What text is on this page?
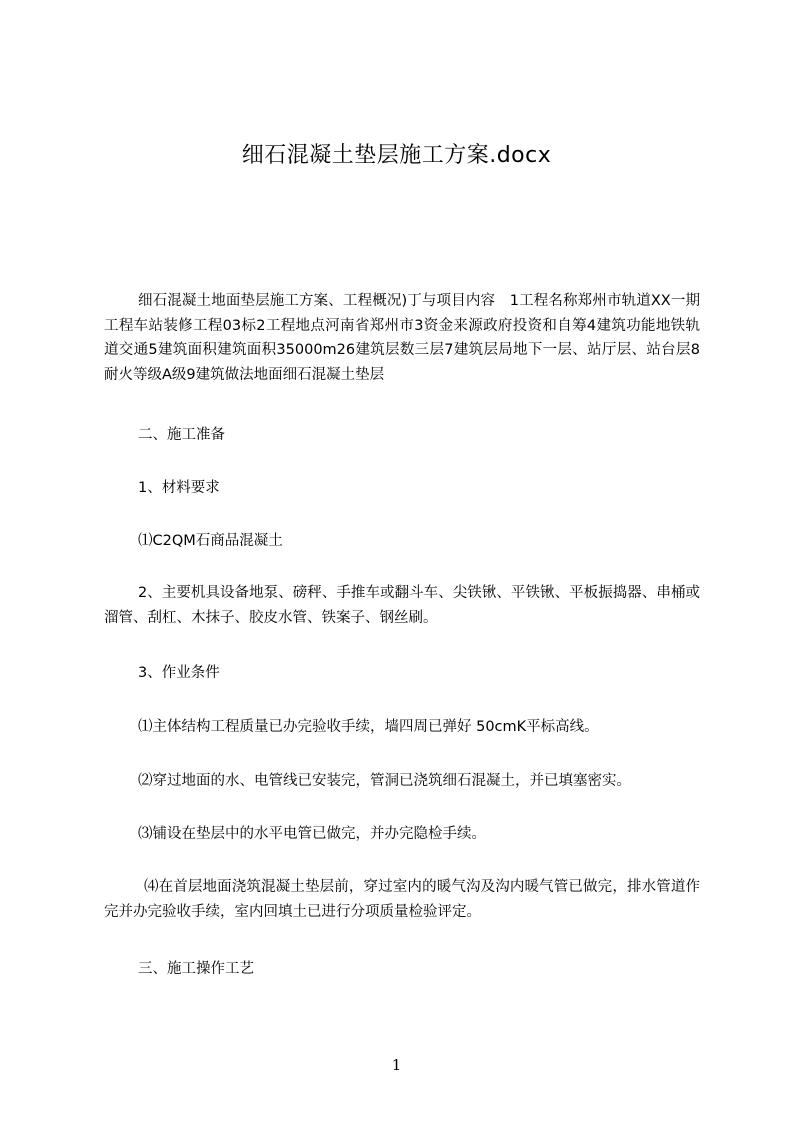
细石混凝土垫层施工方案.docx
细石混凝土地面垫层施工方案、工程概况)丁与项目内容　1工程名称郑州市轨道XX一期工程车站装修工程03标2工程地点河南省郑州市3资金来源政府投资和自筹4建筑功能地铁轨道交通5建筑面积建筑面积35000m26建筑层数三层7建筑层局地下一层、站厅层、站台层8耐火等级A级9建筑做法地面细石混凝土垫层
二、施工准备
1、材料要求
⑴C2QM石商品混凝土
2、主要机具设备地泵、磅秤、手推车或翻斗车、尖铁锹、平铁锹、平板振捣器、串桶或溜管、刮杠、木抹子、胶皮水管、铁案子、钢丝刷。
3、作业条件
⑴主体结构工程质量已办完验收手续，墙四周已弹好 50cmK平标高线。
⑵穿过地面的水、电管线已安装完，管洞已浇筑细石混凝土，并已填塞密实。
⑶铺设在垫层中的水平电管已做完，并办完隐检手续。
⑷在首层地面浇筑混凝土垫层前，穿过室内的暖气沟及沟内暖气管已做完，排水管道作完并办完验收手续，室内回填土已进行分项质量检验评定。
三、施工操作工艺
1
